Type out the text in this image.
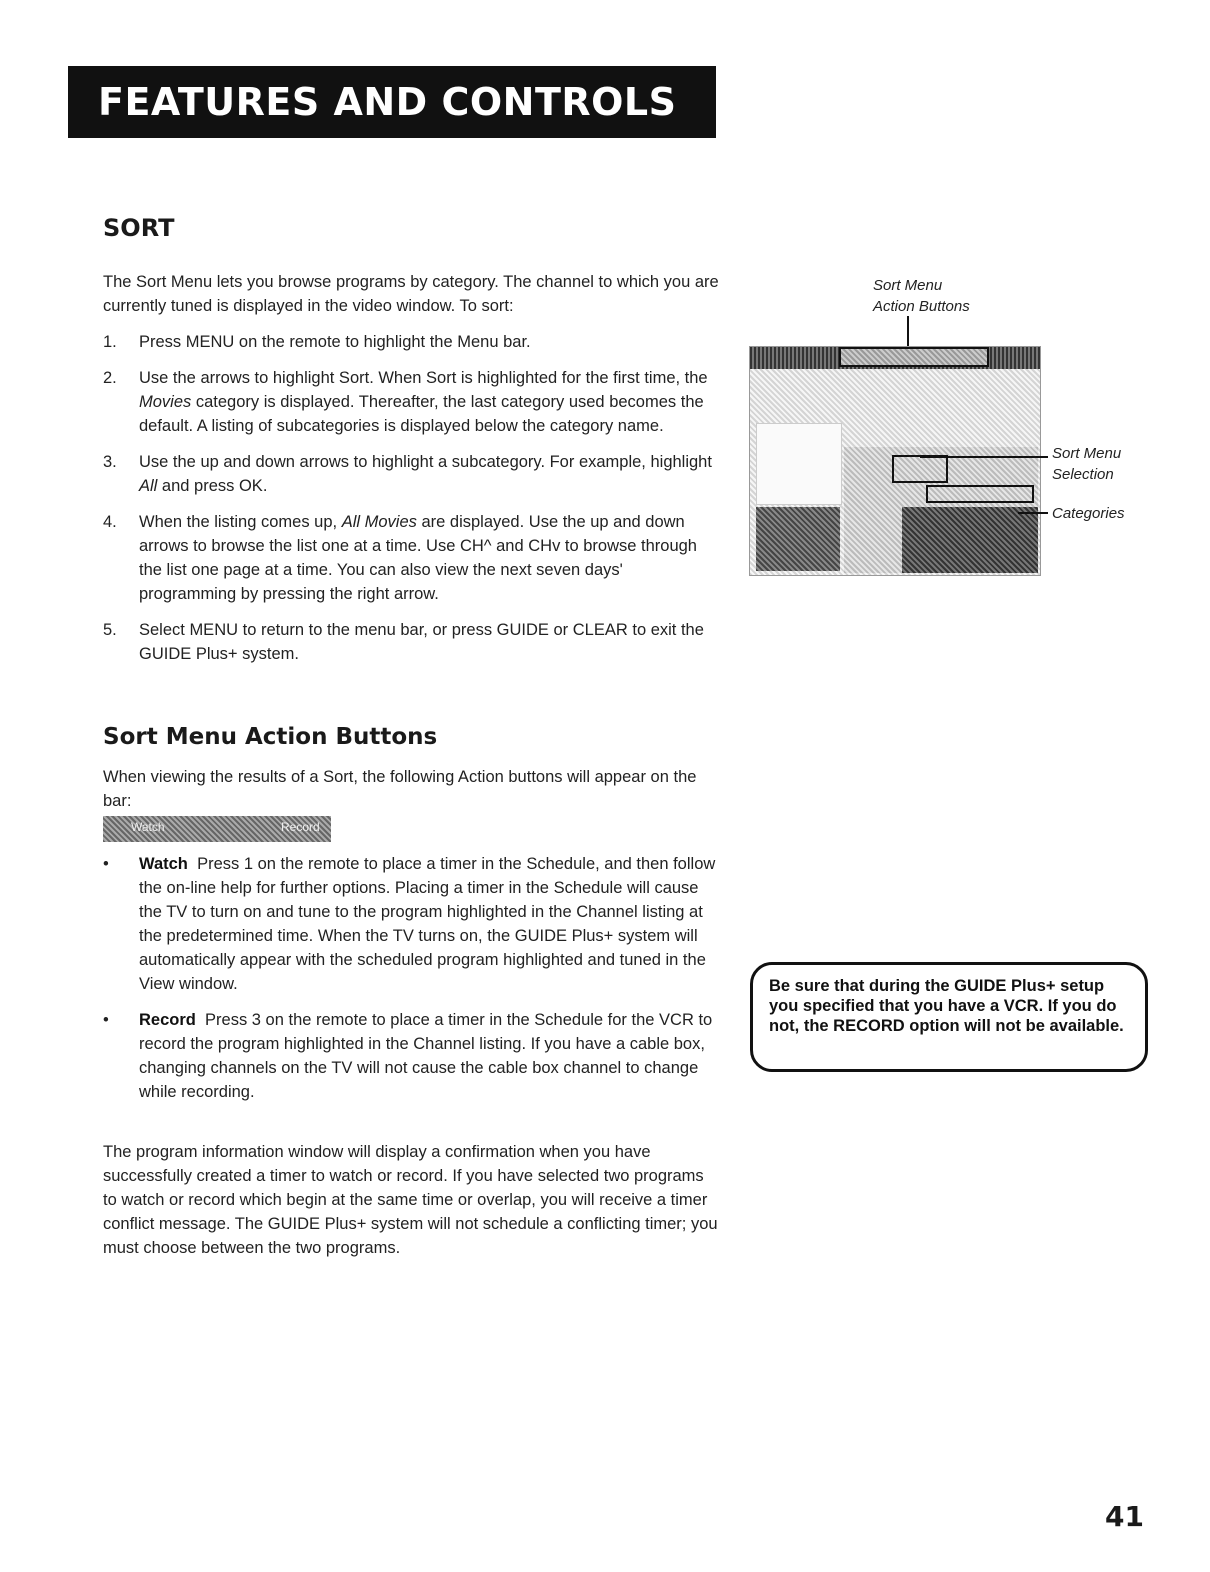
FEATURES AND CONTROLS
SORT
The Sort Menu lets you browse programs by category. The channel to which you are currently tuned is displayed in the video window. To sort:
1. Press MENU on the remote to highlight the Menu bar.
2. Use the arrows to highlight Sort. When Sort is highlighted for the first time, the Movies category is displayed. Thereafter, the last category used becomes the default. A listing of subcategories is displayed below the category name.
3. Use the up and down arrows to highlight a subcategory. For example, highlight All and press OK.
4. When the listing comes up, All Movies are displayed. Use the up and down arrows to browse the list one at a time. Use CH^ and CHv to browse through the list one page at a time. You can also view the next seven days' programming by pressing the right arrow.
5. Select MENU to return to the menu bar, or press GUIDE or CLEAR to exit the GUIDE Plus+ system.
Sort Menu
Action Buttons
Sort Menu
Selection
Categories
Sort Menu Action Buttons
When viewing the results of a Sort, the following Action buttons will appear on the bar:
Watch	Record
• Watch Press 1 on the remote to place a timer in the Schedule, and then follow the on-line help for further options. Placing a timer in the Schedule will cause the TV to turn on and tune to the program highlighted in the Channel listing at the predetermined time. When the TV turns on, the GUIDE Plus+ system will automatically appear with the scheduled program highlighted and tuned in the View window.
• Record Press 3 on the remote to place a timer in the Schedule for the VCR to record the program highlighted in the Channel listing. If you have a cable box, changing channels on the TV will not cause the cable box channel to change while recording.
The program information window will display a confirmation when you have successfully created a timer to watch or record. If you have selected two programs to watch or record which begin at the same time or overlap, you will receive a timer conflict message. The GUIDE Plus+ system will not schedule a conflicting timer; you must choose between the two programs.
Be sure that during the GUIDE Plus+ setup you specified that you have a VCR. If you do not, the RECORD option will not be available.
41
